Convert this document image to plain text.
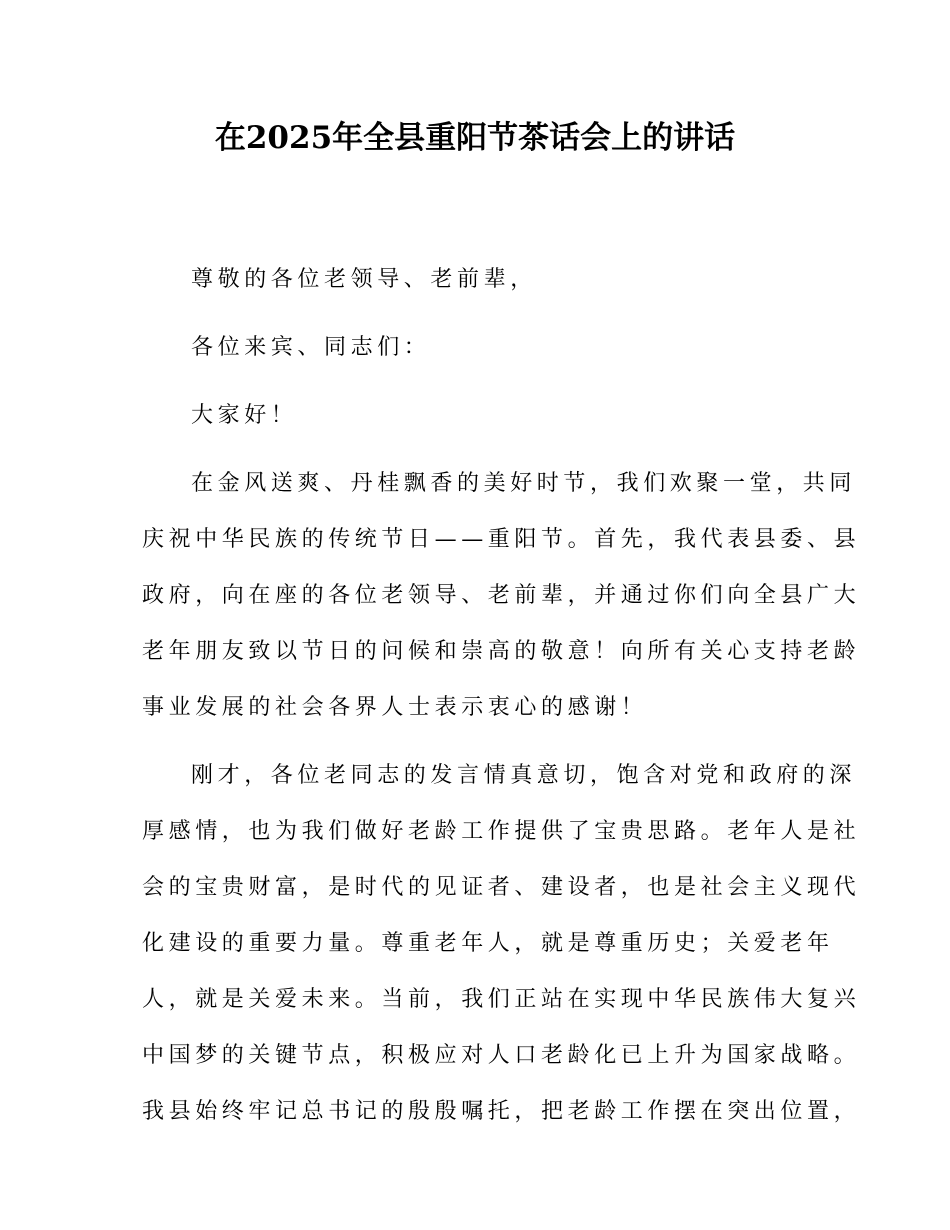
在2025年全县重阳节茶话会上的讲话
尊敬的各位老领导、老前辈，
各位来宾、同志们：
大家好！
在金风送爽、丹桂飘香的美好时节，我们欢聚一堂，共同
庆祝中华民族的传统节日——重阳节。首先，我代表县委、县
政府，向在座的各位老领导、老前辈，并通过你们向全县广大
老年朋友致以节日的问候和崇高的敬意！向所有关心支持老龄
事业发展的社会各界人士表示衷心的感谢！
刚才，各位老同志的发言情真意切，饱含对党和政府的深
厚感情，也为我们做好老龄工作提供了宝贵思路。老年人是社
会的宝贵财富，是时代的见证者、建设者，也是社会主义现代
化建设的重要力量。尊重老年人，就是尊重历史；关爱老年
人，就是关爱未来。当前，我们正站在实现中华民族伟大复兴
中国梦的关键节点，积极应对人口老龄化已上升为国家战略。
我县始终牢记总书记的殷殷嘱托，把老龄工作摆在突出位置，
